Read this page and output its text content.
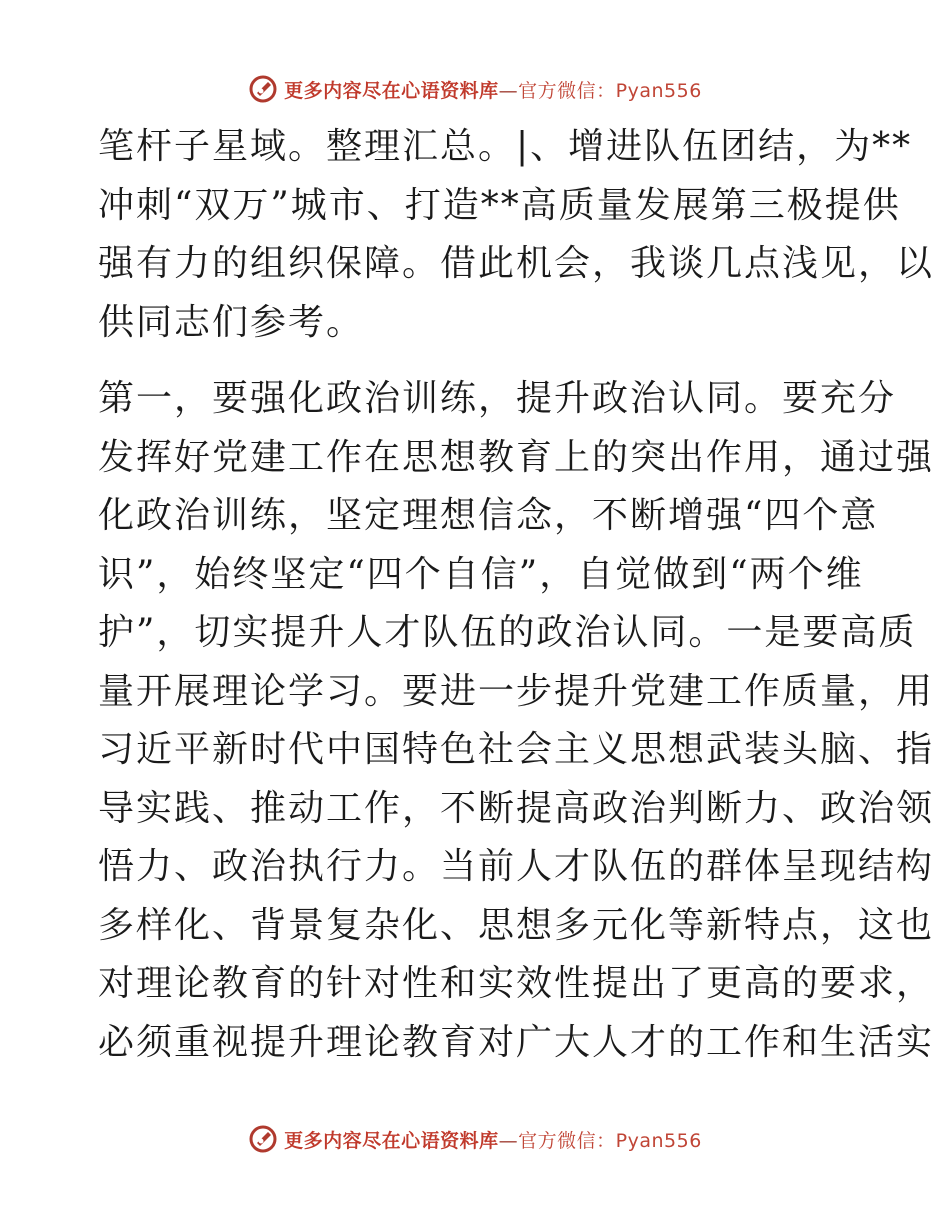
更多内容尽在心语资料库—官方微信：Pyan556
笔杆子星域。整理汇总。|、增进队伍团结，为**
冲刺“双万”城市、打造**高质量发展第三极提供
强有力的组织保障。借此机会，我谈几点浅见，以
供同志们参考。
第一，要强化政治训练，提升政治认同。要充分
发挥好党建工作在思想教育上的突出作用，通过强
化政治训练，坚定理想信念，不断增强“四个意
识”，始终坚定“四个自信”，自觉做到“两个维
护”，切实提升人才队伍的政治认同。一是要高质
量开展理论学习。要进一步提升党建工作质量，用
习近平新时代中国特色社会主义思想武装头脑、指
导实践、推动工作，不断提高政治判断力、政治领
悟力、政治执行力。当前人才队伍的群体呈现结构
多样化、背景复杂化、思想多元化等新特点，这也
对理论教育的针对性和实效性提出了更高的要求，
必须重视提升理论教育对广大人才的工作和生活实
更多内容尽在心语资料库—官方微信：Pyan556
